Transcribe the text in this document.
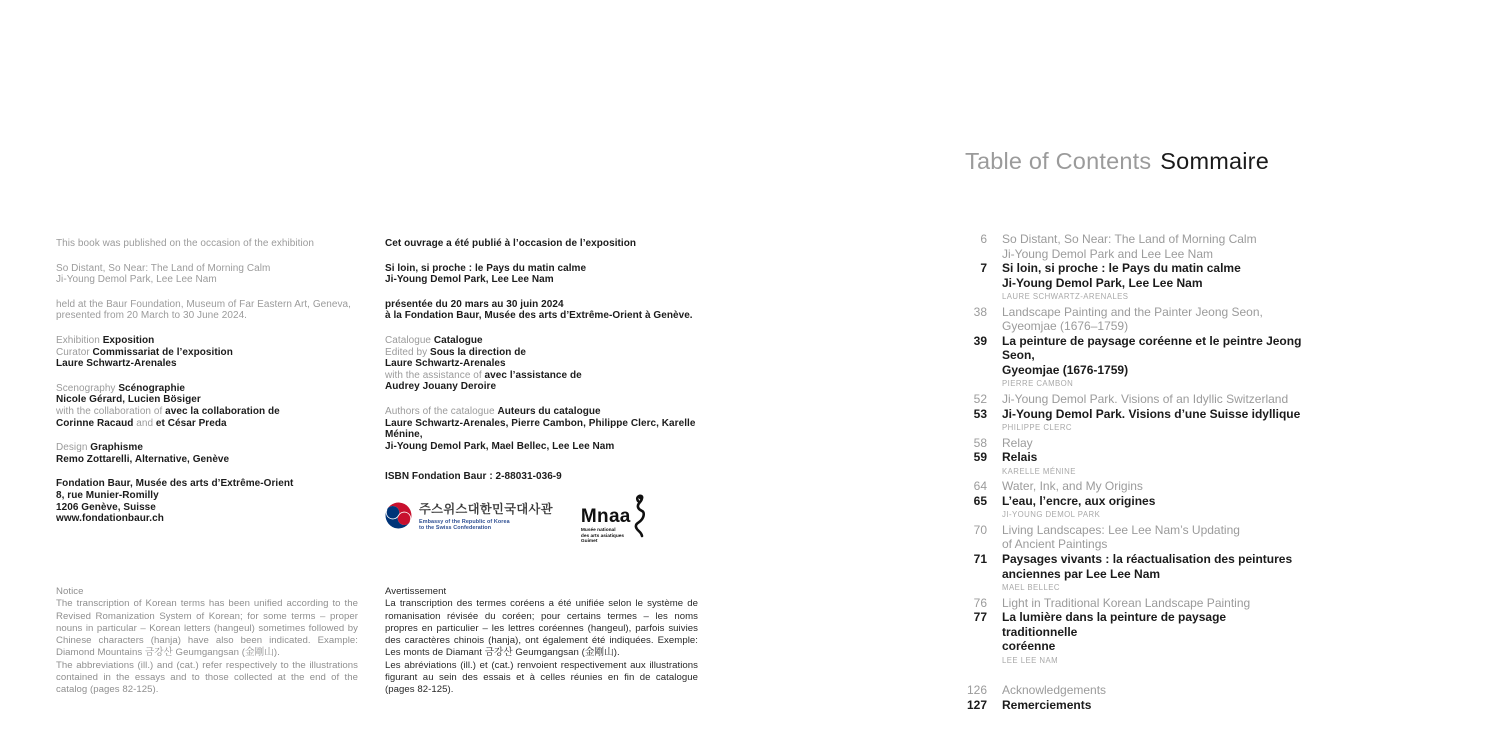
This book was published on the occasion of the exhibition
So Distant, So Near: The Land of Morning Calm
Ji-Young Demol Park, Lee Lee Nam
held at the Baur Foundation, Museum of Far Eastern Art, Geneva,
presented from 20 March to 30 June 2024.
Exhibition Exposition
Curator Commissariat de l’exposition
Laure Schwartz-Arenales
Scenography Scénographie
Nicole Gérard, Lucien Bösiger
with the collaboration of avec la collaboration de
Corinne Racaud and et César Preda
Design Graphisme
Remo Zottarelli, Alternative, Genève
Fondation Baur, Musée des arts d’Extrême-Orient
8, rue Munier-Romilly
1206 Genève, Suisse
www.fondationbaur.ch
Cet ouvrage a été publié à l’occasion de l’exposition
Si loin, si proche : le Pays du matin calme
Ji-Young Demol Park, Lee Lee Nam
présentée du 20 mars au 30 juin 2024
à la Fondation Baur, Musée des arts d’Extrême-Orient à Genève.
Catalogue Catalogue
Edited by Sous la direction de
Laure Schwartz-Arenales
with the assistance of avec l’assistance de
Audrey Jouany Deroire
Authors of the catalogue Auteurs du catalogue
Laure Schwartz-Arenales, Pierre Cambon, Philippe Clerc, Karelle Ménine,
Ji-Young Demol Park, Mael Bellec, Lee Lee Nam
ISBN Fondation Baur : 2-88031-036-9
주스위스대한민국대사관
Embassy of the Republic of Korea
to the Swiss Confederation
Mnaa
Musée national
des arts asiatiques Guimet
Notice

The transcription of Korean terms has been unified according to the Revised Romanization System of Korean; for some terms – proper nouns in particular – Korean letters (hangeul) sometimes followed by Chinese characters (hanja) have also been indicated. Example: Diamond Mountains 금강산 Geumgangsan (金剛山).

The abbreviations (ill.) and (cat.) refer respectively to the illustrations contained in the essays and to those collected at the end of the catalog (pages 82-125).

Avertissement

La transcription des termes coréens a été unifiée selon le système de romanisation révisée du coréen; pour certains termes – les noms propres en particulier – les lettres coréennes (hangeul), parfois suivies des caractères chinois (hanja), ont également été indiquées. Exemple: Les monts de Diamant 금강산 Geumgangsan (金剛山).

Les abréviations (ill.) et (cat.) renvoient respectivement aux illustrations figurant au sein des essais et à celles réunies en fin de catalogue (pages 82-125).

Table of Contents Sommaire
6 So Distant, So Near: The Land of Morning Calm
Ji-Young Demol Park and Lee Lee Nam
7 Si loin, si proche : le Pays du matin calme
Ji-Young Demol Park, Lee Lee Nam
LAURE SCHWARTZ-ARENALES
38 Landscape Painting and the Painter Jeong Seon,
Gyeomjae (1676–1759)
39 La peinture de paysage coréenne et le peintre Jeong Seon,
Gyeomjae (1676-1759)
PIERRE CAMBON
52 Ji-Young Demol Park. Visions of an Idyllic Switzerland
53 Ji-Young Demol Park. Visions d’une Suisse idyllique
PHILIPPE CLERC
58 Relay
59 Relais
KARELLE MÉNINE
64 Water, Ink, and My Origins
65 L’eau, l’encre, aux origines
JI-YOUNG DEMOL PARK
70 Living Landscapes: Lee Lee Nam’s Updating
of Ancient Paintings
71 Paysages vivants : la réactualisation des peintures
anciennes par Lee Lee Nam
MAEL BELLEC
76 Light in Traditional Korean Landscape Painting
77 La lumière dans la peinture de paysage traditionnelle
coréenne
LEE LEE NAM
126 Acknowledgements
127 Remerciements
